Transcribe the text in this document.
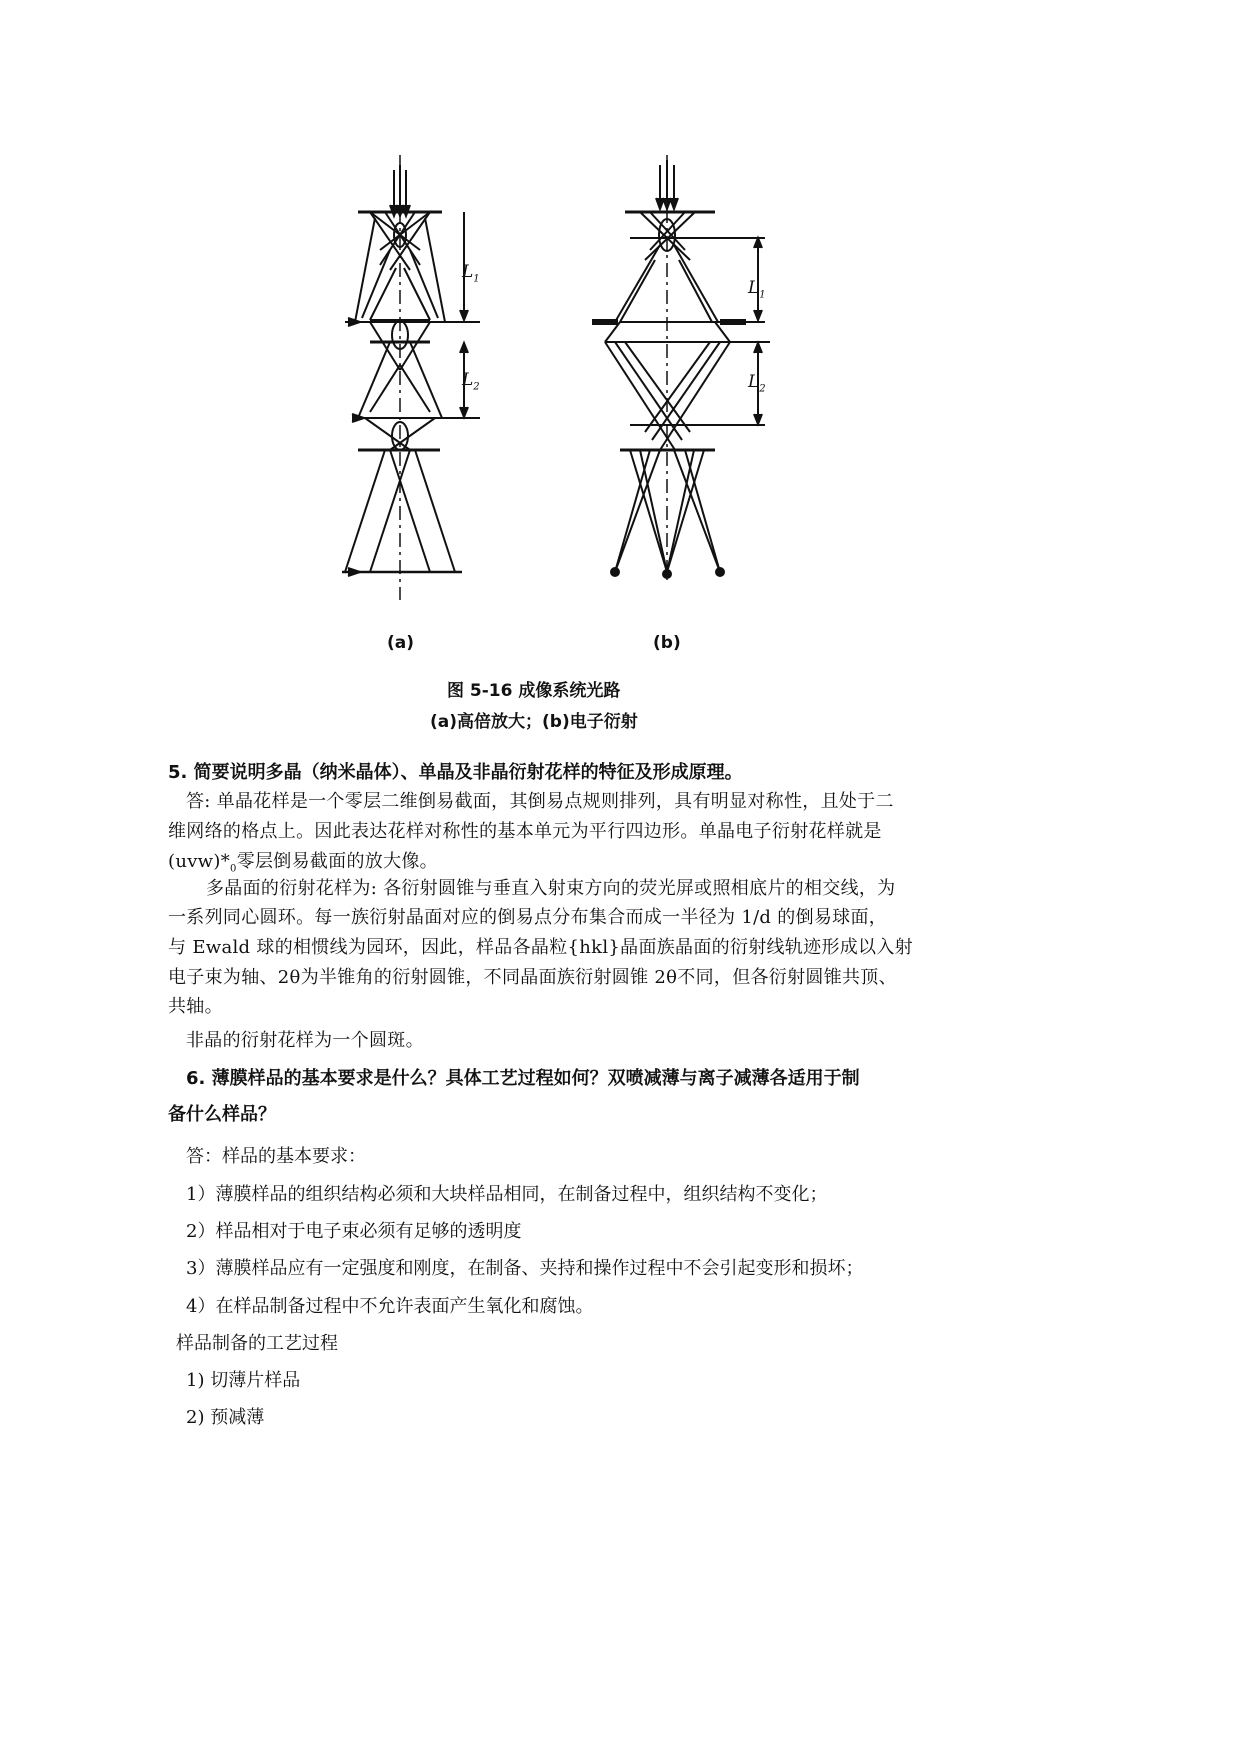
$L_1$
$L_2$
$L_1$
$L_2$
(a)	(b)
图 5-16 成像系统光路
(a)高倍放大；(b)电子衍射
5. 简要说明多晶（纳米晶体）、单晶及非晶衍射花样的特征及形成原理。
答: 单晶花样是一个零层二维倒易截面，其倒易点规则排列，具有明显对称性，且处于二
维网络的格点上。因此表达花样对称性的基本单元为平行四边形。单晶电子衍射花样就是
$(uvw)*_0$零层倒易截面的放大像。
多晶面的衍射花样为: 各衍射圆锥与垂直入射束方向的荧光屏或照相底片的相交线，为
一系列同心圆环。每一族衍射晶面对应的倒易点分布集合而成一半径为 1/d 的倒易球面，
与 Ewald 球的相惯线为园环，因此，样品各晶粒{hkl}晶面族晶面的衍射线轨迹形成以入射
电子束为轴、2θ为半锥角的衍射圆锥，不同晶面族衍射圆锥 2θ不同，但各衍射圆锥共顶、
共轴。
非晶的衍射花样为一个圆斑。
6. 薄膜样品的基本要求是什么？具体工艺过程如何？双喷减薄与离子减薄各适用于制
备什么样品？
答：样品的基本要求：
1）薄膜样品的组织结构必须和大块样品相同，在制备过程中，组织结构不变化；
2）样品相对于电子束必须有足够的透明度
3）薄膜样品应有一定强度和刚度，在制备、夹持和操作过程中不会引起变形和损坏；
4）在样品制备过程中不允许表面产生氧化和腐蚀。
样品制备的工艺过程
1) 切薄片样品
2) 预减薄
